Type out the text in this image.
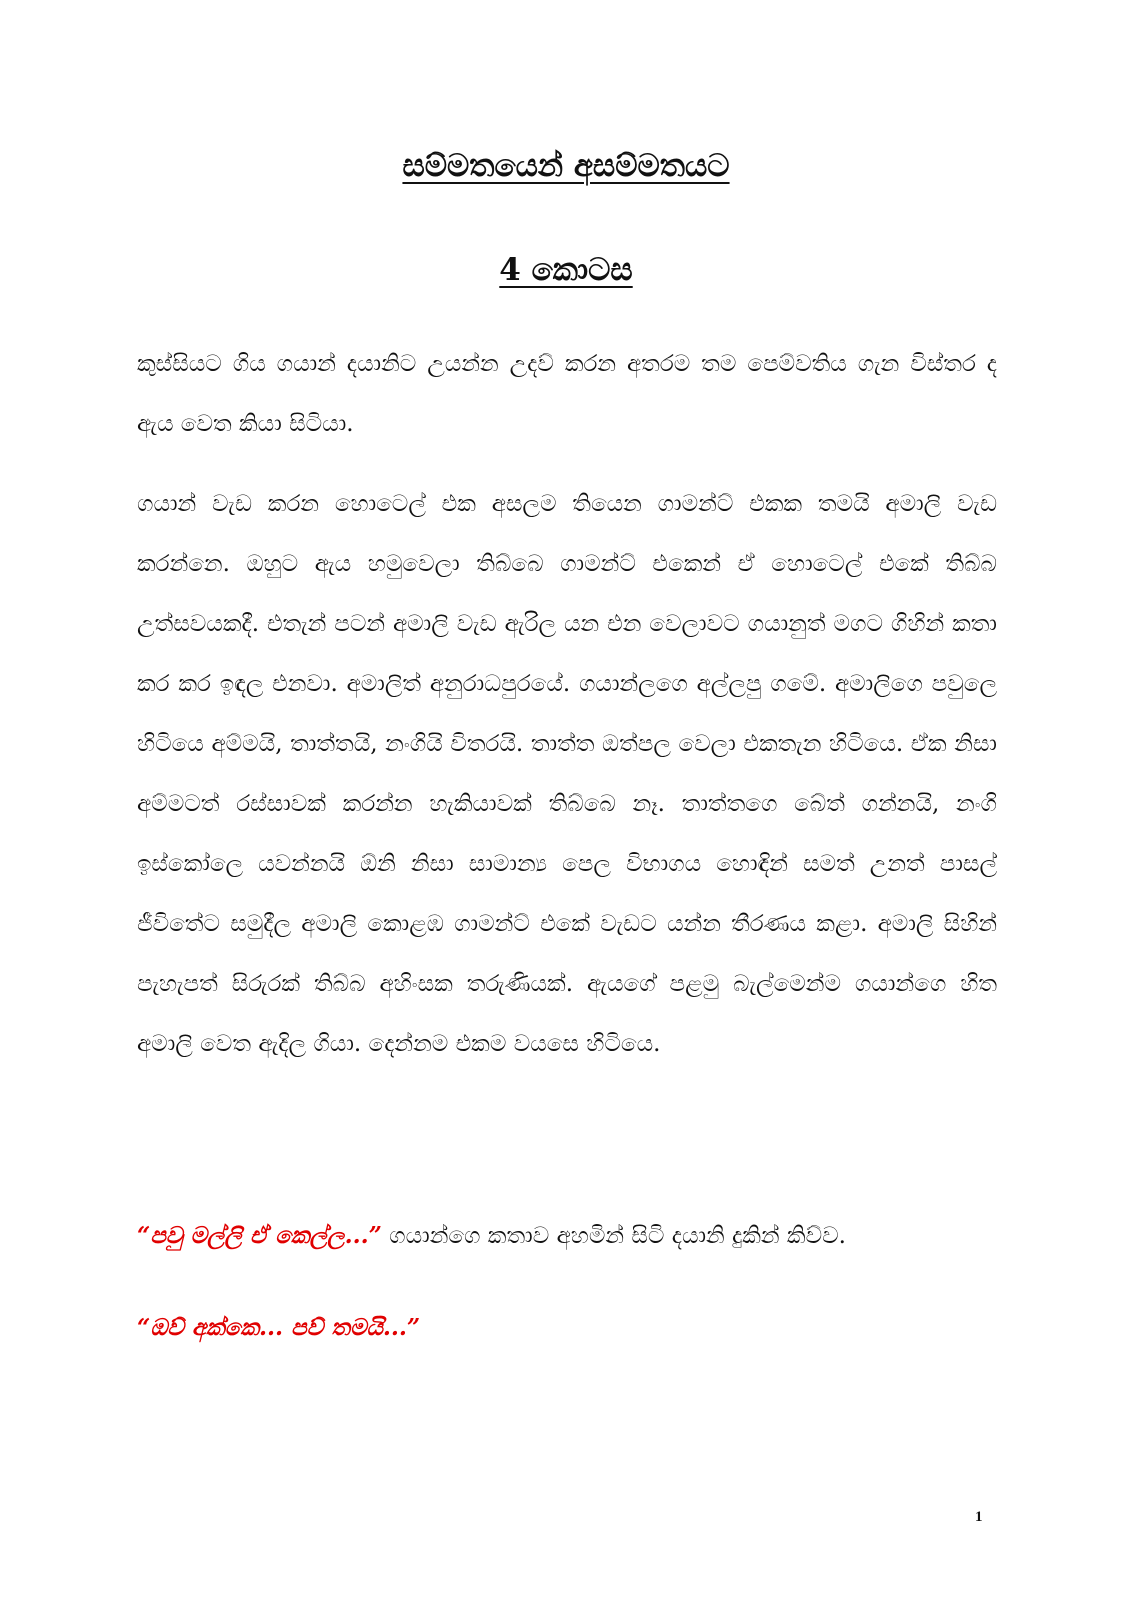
සම්මතයෙන් අසම්මතයට
4 කොටස

කුස්සියට ගිය ගයාන් දයානිට උයන්න උදව් කරන අතරම තම පෙම්වතිය ගැන විස්තර ද ඇය වෙත කියා සිටියා.

ගයාන් වැඩ කරන හොටෙල් එක අසලම තියෙන ගාමන්ට් එකක තමයි අමාලි වැඩ කරන්නෙ. ඔහුට ඇය හමුවෙලා තිබ්බෙ ගාමන්ට් එකෙන් ඒ හොටෙල් එකේ තිබ්බ උත්සවයකදී. එතැන් පටන් අමාලි වැඩ ඇරිල යන එන වෙලාවට ගයානුත් මගට ගිහින් කතා කර කර ඉඳල එනවා. අමාලිත් අනුරාධපුරයේ. ගයාන්ලගෙ අල්ලපු ගමේ. අමාලිගෙ පවුලෙ හිටියෙ අම්මයි, තාත්තයි, නංගියි විතරයි. තාත්ත ඔත්පල වෙලා එකතැන හිටියෙ. ඒක නිසා අම්මටත් රස්සාවක් කරන්න හැකියාවක් තිබ්බෙ නෑ. තාත්තගෙ බේත් ගන්නයි, නංගි ඉස්කෝලෙ යවන්නයි ඕනි නිසා සාමාන්‍ය පෙල විභාගය හොඳින් සමත් උනත් පාසල් ජීවිතේට සමුදීල අමාලි කොළඹ ගාමන්ට් එකේ වැඩට යන්න තීරණය කළා. අමාලි සිහින් පැහැපත් සිරුරක් තිබ්බ අහිංසක තරුණියක්. ඇයගේ පළමු බැල්මෙන්ම ගයාන්ගෙ හිත අමාලි වෙත ඇදිල ගියා. දෙන්නම එකම වයසෙ හිටියෙ.

“පවු මල්ලි ඒ කෙල්ල...” ගයාන්ගෙ කතාව අහමින් සිටි දයානි දුකින් කිව්ව.

“ඔව් අක්කෙ... පව් තමයි...”

1
